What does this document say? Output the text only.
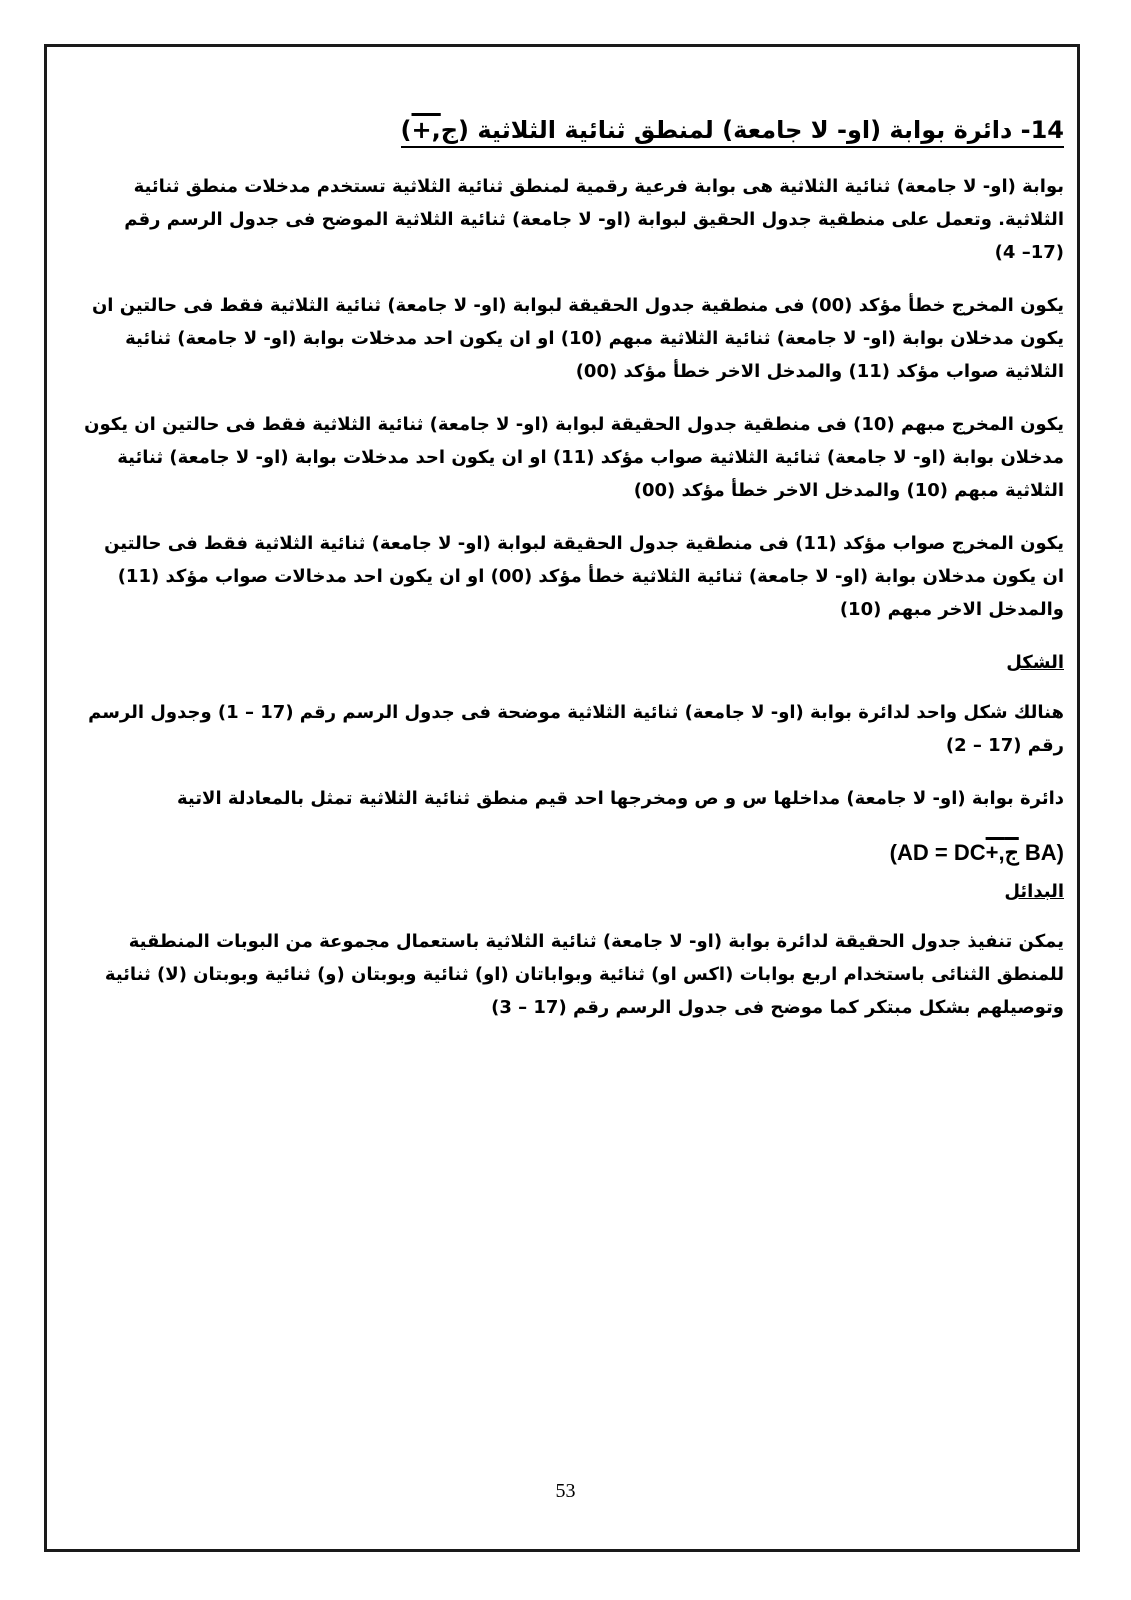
14- دائرة بوابة (او- لا جامعة) لمنطق ثنائية الثلاثية (ج,+)

بوابة (او- لا جامعة) ثنائية الثلاثية هى بوابة فرعية رقمية لمنطق ثنائية الثلاثية تستخدم مدخلات منطق ثنائية الثلاثية. وتعمل على منطقية جدول الحقيق لبوابة (او- لا جامعة) ثنائية الثلاثية الموضح فى جدول الرسم رقم (17– 4)

يكون المخرج خطأ مؤكد (00) فى منطقية جدول الحقيقة لبوابة (او- لا جامعة) ثنائية الثلاثية فقط فى حالتين ان يكون مدخلان بوابة (او- لا جامعة) ثنائية الثلاثية مبهم (10) او ان يكون احد مدخلات بوابة (او- لا جامعة) ثنائية الثلاثية صواب مؤكد (11) والمدخل الاخر خطأ مؤكد (00)

يكون المخرج مبهم (10) فى منطقية جدول الحقيقة لبوابة (او- لا جامعة) ثنائية الثلاثية فقط فى حالتين ان يكون مدخلان بوابة (او- لا جامعة) ثنائية الثلاثية صواب مؤكد (11) او ان يكون احد مدخلات بوابة (او- لا جامعة) ثنائية الثلاثية مبهم (10) والمدخل الاخر خطأ مؤكد (00)

يكون المخرج صواب مؤكد (11) فى منطقية جدول الحقيقة لبوابة (او- لا جامعة) ثنائية الثلاثية فقط فى حالتين ان يكون مدخلان بوابة (او- لا جامعة) ثنائية الثلاثية خطأ مؤكد (00) او ان يكون احد مدخالات صواب مؤكد (11) والمدخل الاخر مبهم (10)

الشكل

هنالك شكل واحد لدائرة بوابة (او- لا جامعة) ثنائية الثلاثية موضحة فى جدول الرسم رقم (17 – 1) وجدول الرسم رقم (17 – 2)

دائرة بوابة (او- لا جامعة) مداخلها س و ص ومخرجها احد قيم منطق ثنائية الثلاثية تمثل بالمعادلة الاتية

(AD = DC+,ج BA)
البدائل

يمكن تنفيذ جدول الحقيقة لدائرة بوابة (او- لا جامعة) ثنائية الثلاثية باستعمال مجموعة من البوبات المنطقية للمنطق الثنائى باستخدام اربع بوابات (اكس او) ثنائية وبواباتان (او) ثنائية وبوبتان (و) ثنائية وبوبتان (لا) ثنائية وتوصيلهم بشكل مبتكر كما موضح فى جدول الرسم رقم (17 – 3)

53
